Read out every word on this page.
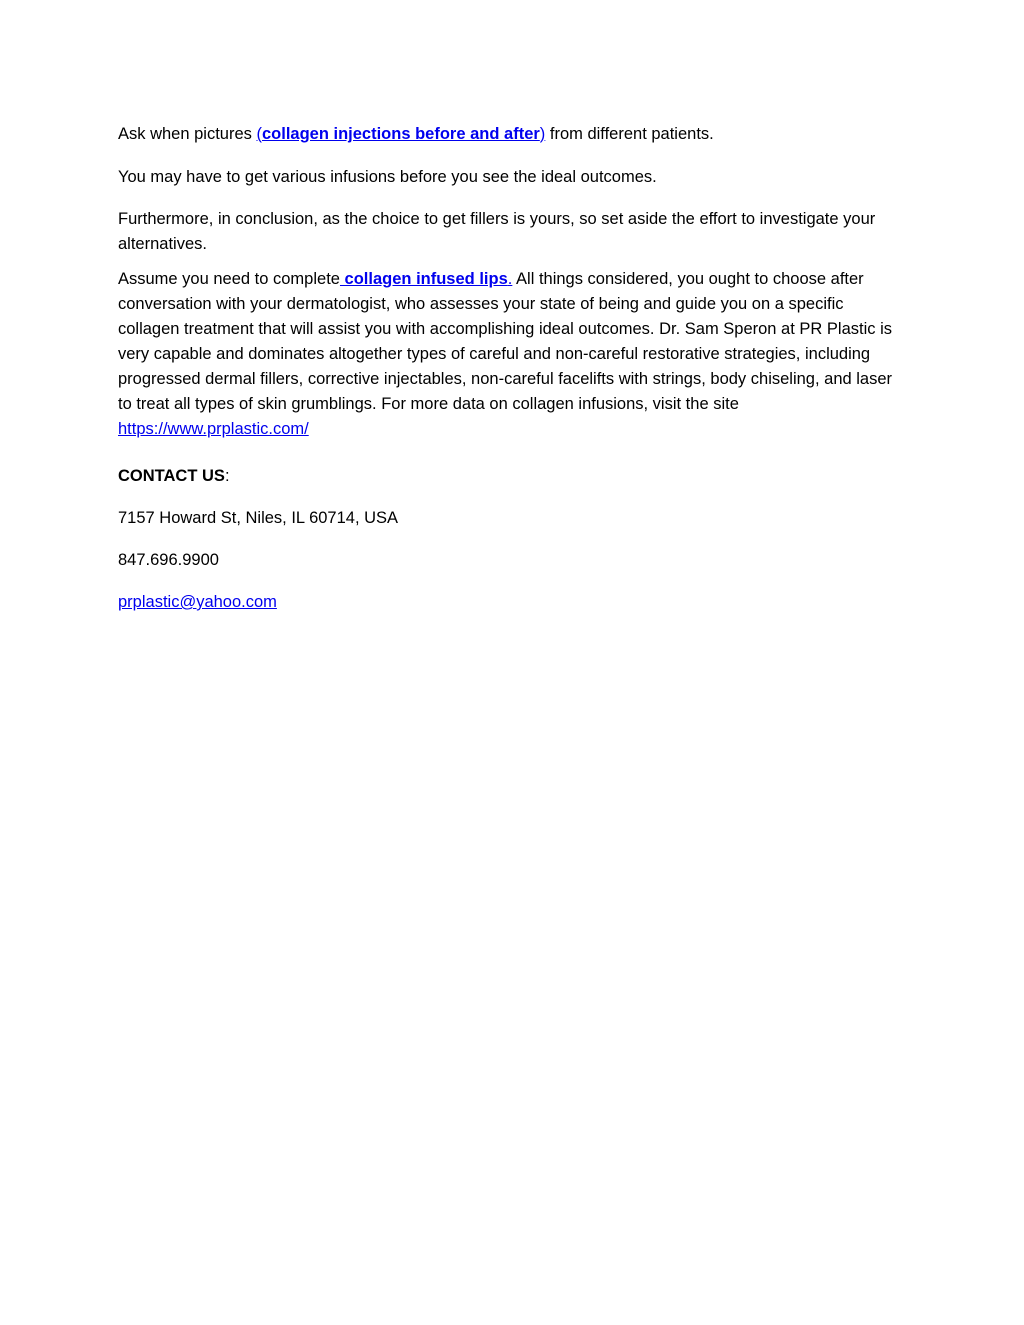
Ask when pictures (collagen injections before and after) from different patients.

You may have to get various infusions before you see the ideal outcomes.

Furthermore, in conclusion, as the choice to get fillers is yours, so set aside the effort to investigate your alternatives.

Assume you need to complete collagen infused lips. All things considered, you ought to choose after conversation with your dermatologist, who assesses your state of being and guide you on a specific collagen treatment that will assist you with accomplishing ideal outcomes. Dr. Sam Speron at PR Plastic is very capable and dominates altogether types of careful and non-careful restorative strategies, including progressed dermal fillers, corrective injectables, non-careful facelifts with strings, body chiseling, and laser to treat all types of skin grumblings. For more data on collagen infusions, visit the site https://www.prplastic.com/

CONTACT US:

7157 Howard St, Niles, IL 60714, USA

847.696.9900

prplastic@yahoo.com
